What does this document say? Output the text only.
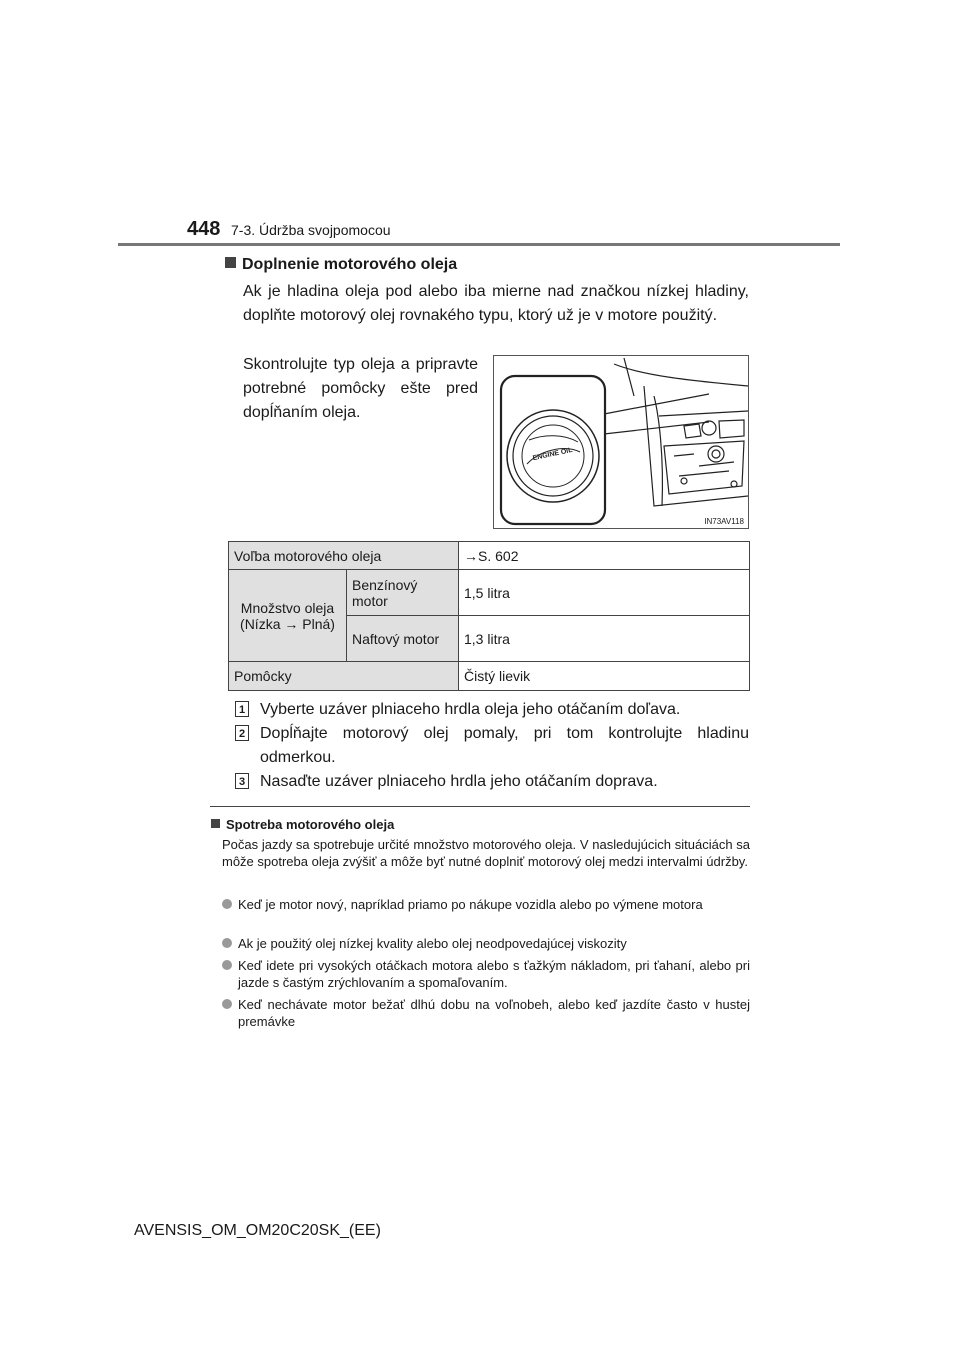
448 7-3. Údržba svojpomocou
Doplnenie motorového oleja
Ak je hladina oleja pod alebo iba mierne nad značkou nízkej hladiny, doplňte motorový olej rovnakého typu, ktorý už je v motore použitý.
Skontrolujte typ oleja a pripravte potrebné pomôcky ešte pred dopĺňaním oleja.
ENGINE OIL
IN73AV118
Voľba motorového oleja		→S. 602
Množstvo oleja (Nízka → Plná)	Benzínový motor	1,5 litra
	Naftový motor	1,3 litra
Pomôcky		Čistý lievik
1 Vyberte uzáver plniaceho hrdla oleja jeho otáčaním doľava.
2 Dopĺňajte motorový olej pomaly, pri tom kontrolujte hladinu odmerkou.
3 Nasaďte uzáver plniaceho hrdla jeho otáčaním doprava.
Spotreba motorového oleja
Počas jazdy sa spotrebuje určité množstvo motorového oleja. V nasledujúcich situáciách sa môže spotreba oleja zvýšiť a môže byť nutné doplniť motorový olej medzi intervalmi údržby.
Keď je motor nový, napríklad priamo po nákupe vozidla alebo po výmene motora
Ak je použitý olej nízkej kvality alebo olej neodpovedajúcej viskozity
Keď idete pri vysokých otáčkach motora alebo s ťažkým nákladom, pri ťahaní, alebo pri jazde s častým zrýchlovaním a spomaľovaním.
Keď nechávate motor bežať dlhú dobu na voľnobeh, alebo keď jazdíte často v hustej premávke
AVENSIS_OM_OM20C20SK_(EE)
